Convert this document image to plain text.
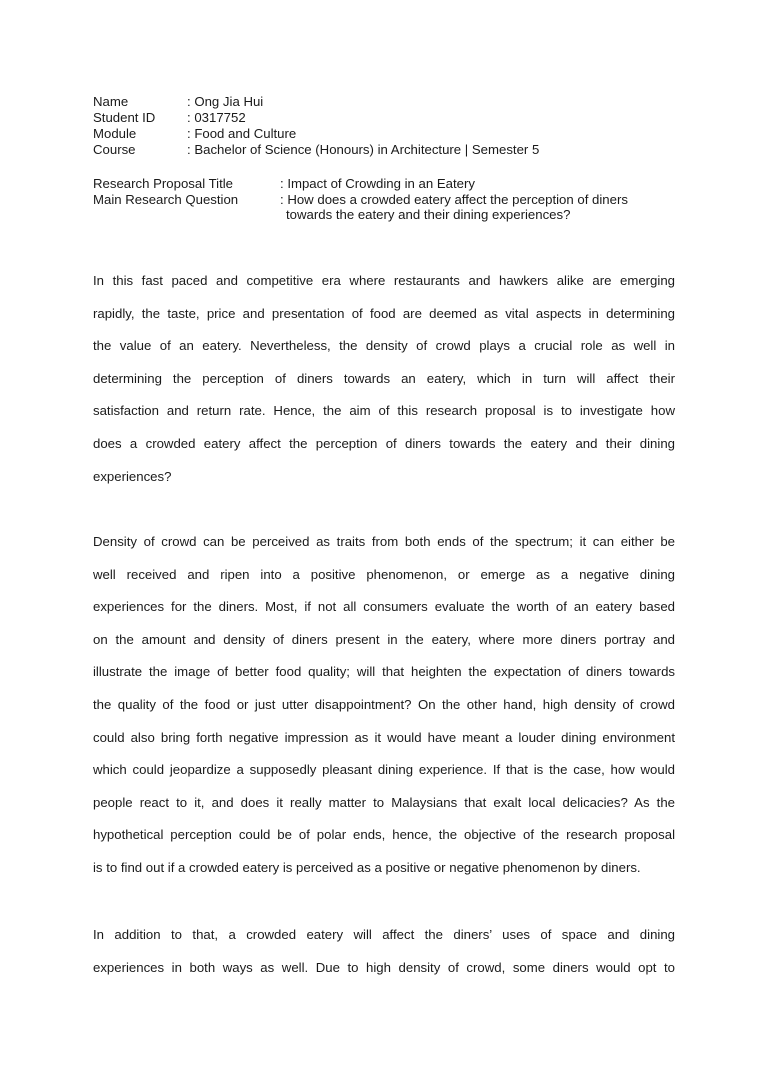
Name	: Ong Jia Hui
Student ID : 0317752
Module	: Food and Culture
Course	: Bachelor of Science (Honours) in Architecture | Semester 5
Research Proposal Title	: Impact of Crowding in an Eatery
Main Research Question	: How does a crowded eatery affect the perception of diners
towards the eatery and their dining experiences?
In this fast paced and competitive era where restaurants and hawkers alike are emerging
rapidly, the taste, price and presentation of food are deemed as vital aspects in determining
the value of an eatery. Nevertheless, the density of crowd plays a crucial role as well in
determining the perception of diners towards an eatery, which in turn will affect their
satisfaction and return rate. Hence, the aim of this research proposal is to investigate how
does a crowded eatery affect the perception of diners towards the eatery and their dining
experiences?
Density of crowd can be perceived as traits from both ends of the spectrum; it can either be
well received and ripen into a positive phenomenon, or emerge as a negative dining
experiences for the diners. Most, if not all consumers evaluate the worth of an eatery based
on the amount and density of diners present in the eatery, where more diners portray and
illustrate the image of better food quality; will that heighten the expectation of diners towards
the quality of the food or just utter disappointment? On the other hand, high density of crowd
could also bring forth negative impression as it would have meant a louder dining environment
which could jeopardize a supposedly pleasant dining experience. If that is the case, how would
people react to it, and does it really matter to Malaysians that exalt local delicacies? As the
hypothetical perception could be of polar ends, hence, the objective of the research proposal
is to find out if a crowded eatery is perceived as a positive or negative phenomenon by diners.
In addition to that, a crowded eatery will affect the diners’ uses of space and dining
experiences in both ways as well. Due to high density of crowd, some diners would opt to
